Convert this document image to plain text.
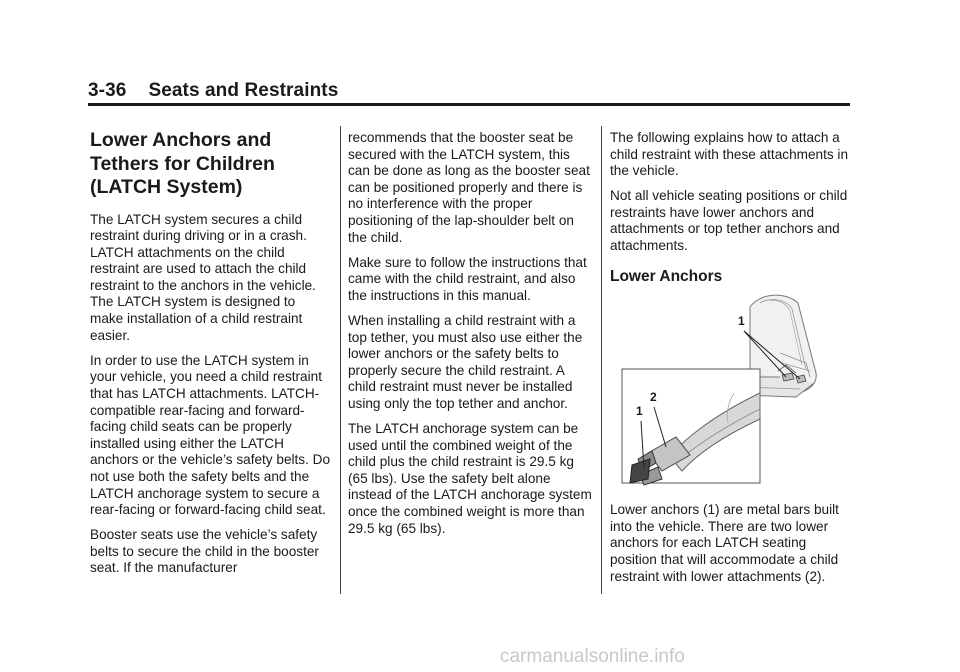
3-36 Seats and Restraints
Lower Anchors and
Tethers for Children
(LATCH System)

The LATCH system secures a child restraint during driving or in a crash. LATCH attachments on the child restraint are used to attach the child restraint to the anchors in the vehicle. The LATCH system is designed to make installation of a child restraint easier.

In order to use the LATCH system in your vehicle, you need a child restraint that has LATCH attachments. LATCH-compatible rear-facing and forward-facing child seats can be properly installed using either the LATCH anchors or the vehicle’s safety belts. Do not use both the safety belts and the LATCH anchorage system to secure a rear-facing or forward-facing child seat.

Booster seats use the vehicle’s safety belts to secure the child in the booster seat. If the manufacturer

recommends that the booster seat be secured with the LATCH system, this can be done as long as the booster seat can be positioned properly and there is no interference with the proper positioning of the lap-shoulder belt on the child.

Make sure to follow the instructions that came with the child restraint, and also the instructions in this manual.

When installing a child restraint with a top tether, you must also use either the lower anchors or the safety belts to properly secure the child restraint. A child restraint must never be installed using only the top tether and anchor.

The LATCH anchorage system can be used until the combined weight of the child plus the child restraint is 29.5 kg (65 lbs). Use the safety belt alone instead of the LATCH anchorage system once the combined weight is more than 29.5 kg (65 lbs).

The following explains how to attach a child restraint with these attachments in the vehicle.

Not all vehicle seating positions or child restraints have lower anchors and attachments or top tether anchors and attachments.

Lower Anchors
1
2
1

Lower anchors (1) are metal bars built into the vehicle. There are two lower anchors for each LATCH seating position that will accommodate a child restraint with lower attachments (2).

carmanualsonline.info
